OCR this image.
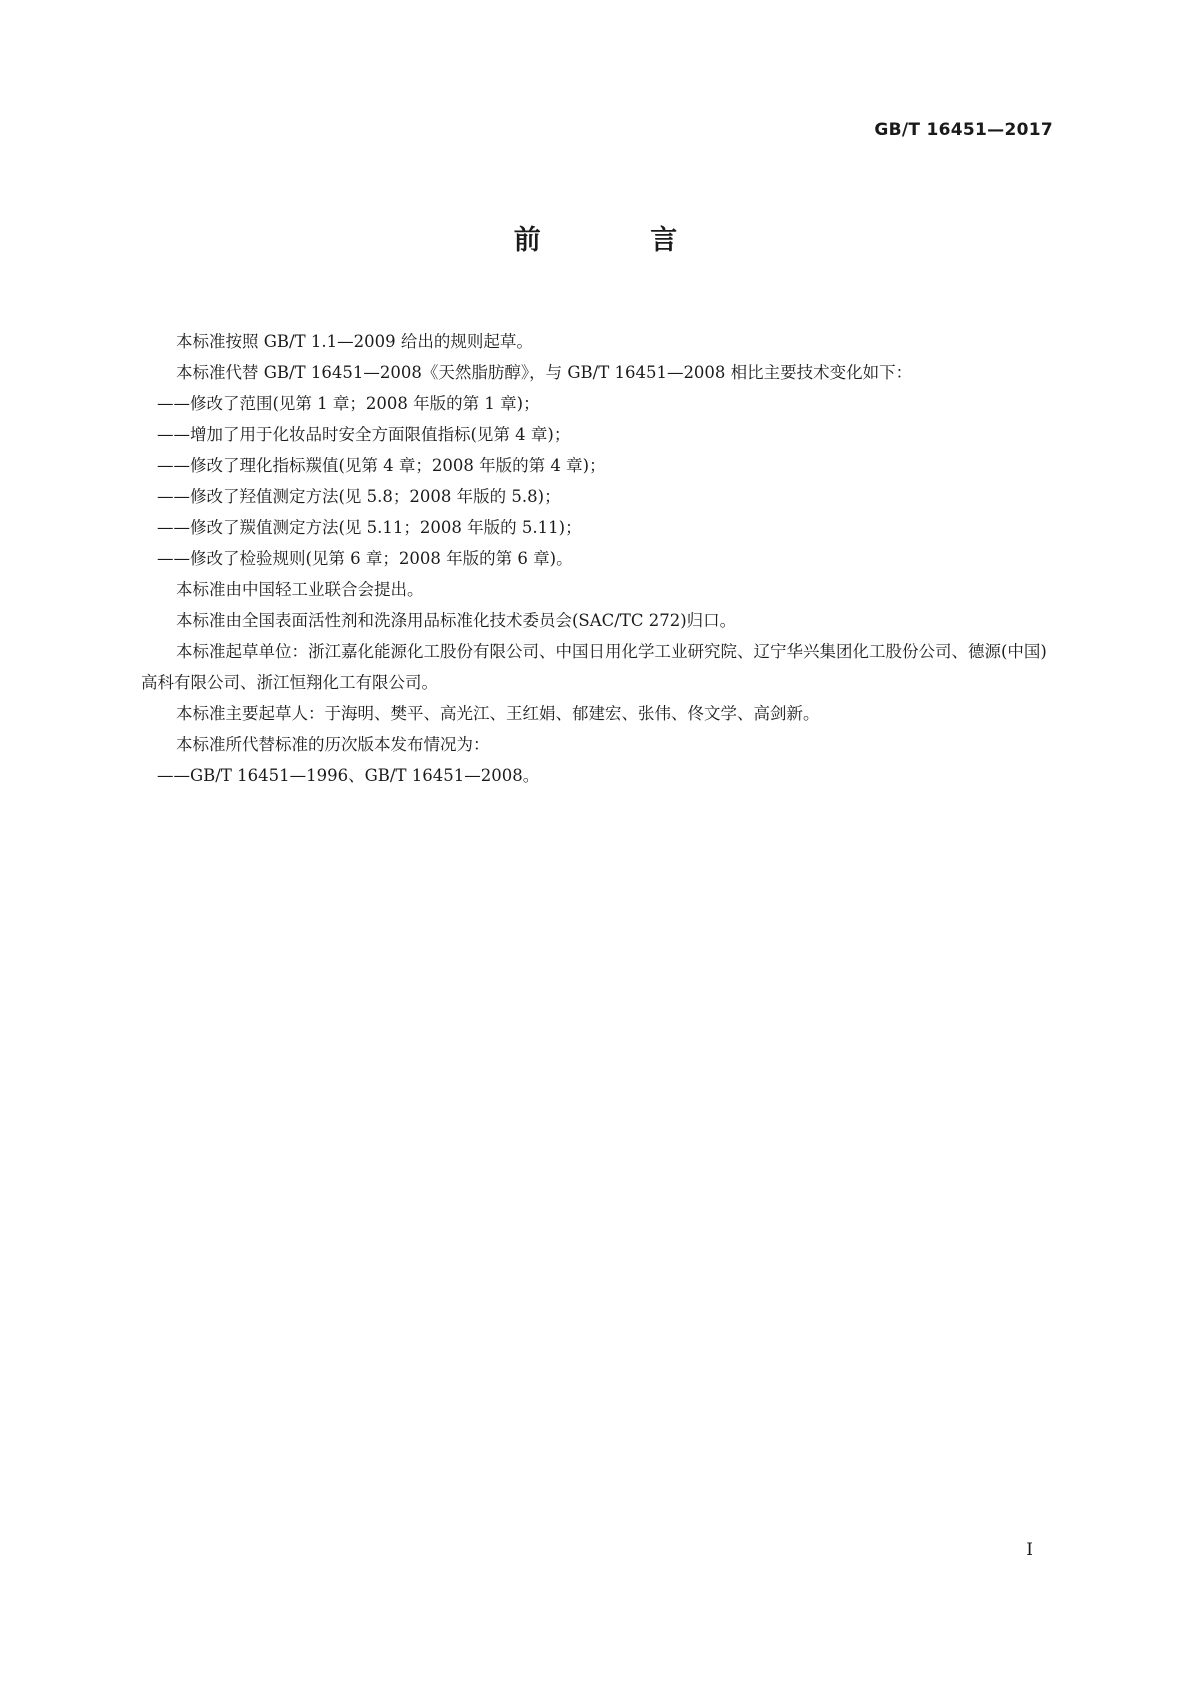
GB/T 16451—2017
前 言
本标准按照 GB/T 1.1—2009 给出的规则起草。
本标准代替 GB/T 16451—2008《天然脂肪醇》，与 GB/T 16451—2008 相比主要技术变化如下：
——修改了范围(见第 1 章；2008 年版的第 1 章)；
——增加了用于化妆品时安全方面限值指标(见第 4 章)；
——修改了理化指标羰值(见第 4 章；2008 年版的第 4 章)；
——修改了羟值测定方法(见 5.8；2008 年版的 5.8)；
——修改了羰值测定方法(见 5.11；2008 年版的 5.11)；
——修改了检验规则(见第 6 章；2008 年版的第 6 章)。
本标准由中国轻工业联合会提出。
本标准由全国表面活性剂和洗涤用品标准化技术委员会(SAC/TC 272)归口。
本标准起草单位：浙江嘉化能源化工股份有限公司、中国日用化学工业研究院、辽宁华兴集团化工股份公司、德源(中国)高科有限公司、浙江恒翔化工有限公司。
本标准主要起草人：于海明、樊平、高光江、王红娟、郁建宏、张伟、佟文学、高剑新。
本标准所代替标准的历次版本发布情况为：
——GB/T 16451—1996、GB/T 16451—2008。
I
